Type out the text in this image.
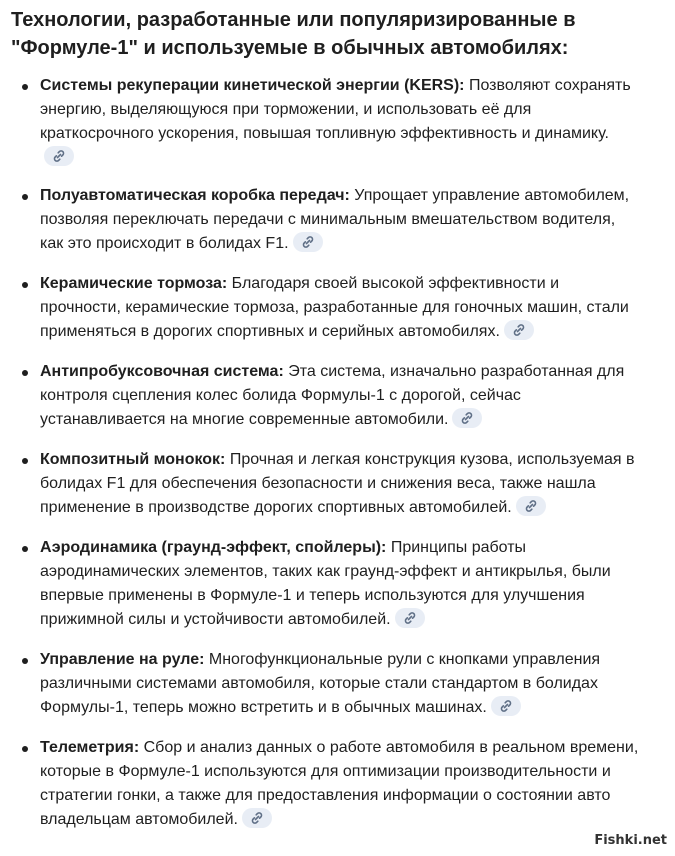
Технологии, разработанные или популяризированные в "Формуле-1" и используемые в обычных автомобилях:

Системы рекуперации кинетической энергии (KERS): Позволяют сохранять энергию, выделяющуюся при торможении, и использовать её для краткосрочного ускорения, повышая топливную эффективность и динамику.

Полуавтоматическая коробка передач: Упрощает управление автомобилем, позволяя переключать передачи с минимальным вмешательством водителя, как это происходит в болидах F1.

Керамические тормоза: Благодаря своей высокой эффективности и прочности, керамические тормоза, разработанные для гоночных машин, стали применяться в дорогих спортивных и серийных автомобилях.

Антипробуксовочная система: Эта система, изначально разработанная для контроля сцепления колес болида Формулы-1 с дорогой, сейчас устанавливается на многие современные автомобили.

Композитный монокок: Прочная и легкая конструкция кузова, используемая в болидах F1 для обеспечения безопасности и снижения веса, также нашла применение в производстве дорогих спортивных автомобилей.

Аэродинамика (граунд-эффект, спойлеры): Принципы работы аэродинамических элементов, таких как граунд-эффект и антикрылья, были впервые применены в Формуле-1 и теперь используются для улучшения прижимной силы и устойчивости автомобилей.

Управление на руле: Многофункциональные рули с кнопками управления различными системами автомобиля, которые стали стандартом в болидах Формулы-1, теперь можно встретить и в обычных машинах.

Телеметрия: Сбор и анализ данных о работе автомобиля в реальном времени, которые в Формуле-1 используются для оптимизации производительности и стратегии гонки, а также для предоставления информации о состоянии авто владельцам автомобилей.

Fishki.net
